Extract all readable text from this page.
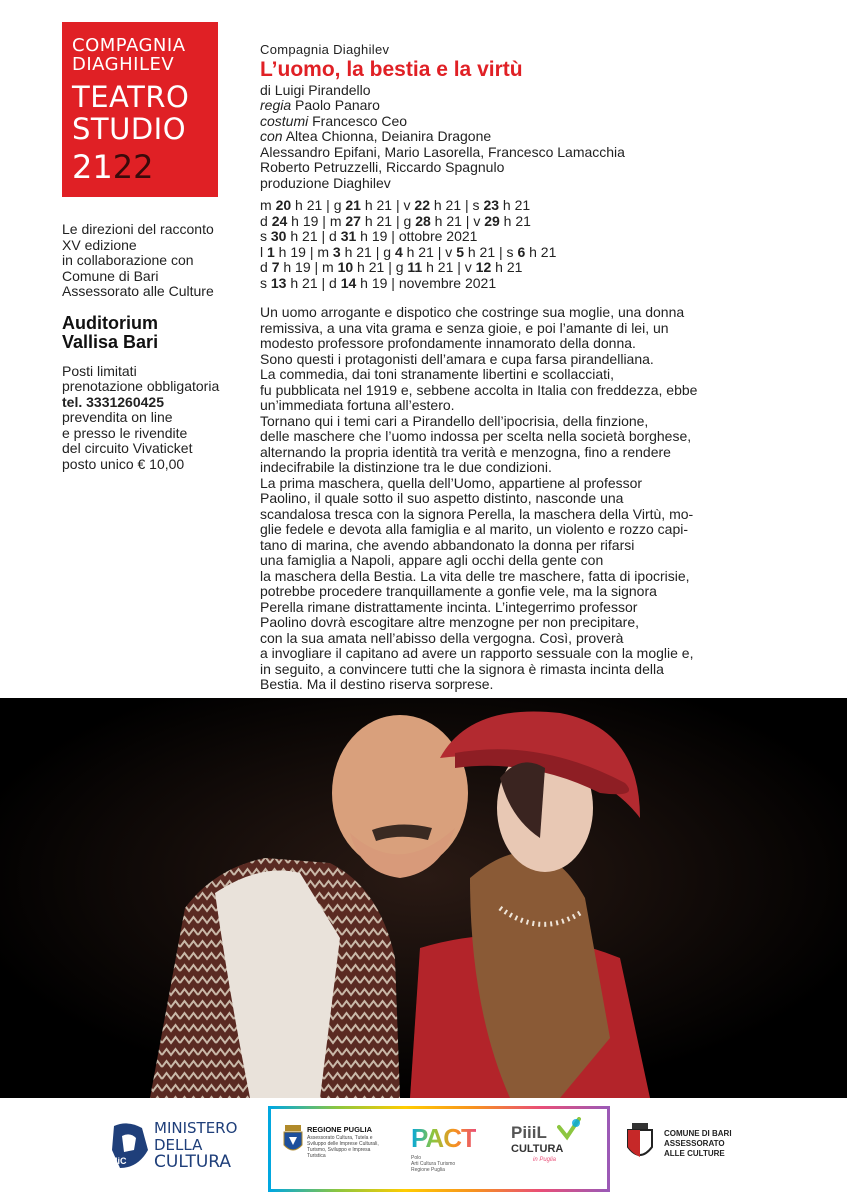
COMPAGNIA
DIAGHILEV
TEATRO
STUDIO
2122
Le direzioni del racconto
XV edizione
in collaborazione con
Comune di Bari
Assessorato alle Culture
Auditorium
Vallisa Bari
Posti limitati
prenotazione obbligatoria
tel. 3331260425
prevendita on line
e presso le rivendite
del circuito Vivaticket
posto unico € 10,00
Compagnia Diaghilev
L’uomo, la bestia e la virtù
di Luigi Pirandello
regia Paolo Panaro
costumi Francesco Ceo
con Altea Chionna, Deianira Dragone
Alessandro Epifani, Mario Lasorella, Francesco Lamacchia
Roberto Petruzzelli, Riccardo Spagnulo
produzione Diaghilev
m 20 h 21 | g 21 h 21 | v 22 h 21 | s 23 h 21
d 24 h 19 | m 27 h 21 | g 28 h 21 | v 29 h 21
s 30 h 21 | d 31 h 19 | ottobre 2021
l 1 h 19 | m 3 h 21 | g 4 h 21 | v 5 h 21 | s 6 h 21
d 7 h 19 | m 10 h 21 | g 11 h 21 | v 12 h 21
s 13 h 21 | d 14 h 19 | novembre 2021

Un uomo arrogante e dispotico che costringe sua moglie, una donna

remissiva, a una vita grama e senza gioie, e poi l’amante di lei, un

modesto professore profondamente innamorato della donna.

Sono questi i protagonisti dell’amara e cupa farsa pirandelliana.

La commedia, dai toni stranamente libertini e scollacciati,

fu pubblicata nel 1919 e, sebbene accolta in Italia con freddezza, ebbe

un’immediata fortuna all’estero.

Tornano qui i temi cari a Pirandello dell’ipocrisia, della finzione,

delle maschere che l’uomo indossa per scelta nella società borghese,

alternando la propria identità tra verità e menzogna, fino a rendere

indecifrabile la distinzione tra le due condizioni.

La prima maschera, quella dell’Uomo, appartiene al professor

Paolino, il quale sotto il suo aspetto distinto, nasconde una

scandalosa tresca con la signora Perella, la maschera della Virtù, mo-

glie fedele e devota alla famiglia e al marito, un violento e rozzo capi-

tano di marina, che avendo abbandonato la donna per rifarsi

una famiglia a Napoli, appare agli occhi della gente con

la maschera della Bestia. La vita delle tre maschere, fatta di ipocrisie,

potrebbe procedere tranquillamente a gonfie vele, ma la signora

Perella rimane distrattamente incinta. L’integerrimo professor

Paolino dovrà escogitare altre menzogne per non precipitare,

con la sua amata nell’abisso della vergogna. Così, proverà

a invogliare il capitano ad avere un rapporto sessuale con la moglie e,

in seguito, a convincere tutti che la signora è rimasta incinta della

Bestia. Ma il destino riserva sorprese.

MiC
MINISTERO
DELLA
CULTURA
REGIONE PUGLIA
Assessorato Cultura, Tutela e
Sviluppo delle Imprese Culturali,
Turismo, Sviluppo e Impresa
Turistica
PACT
Polo
Arti Cultura Turismo
Regione Puglia
PiiiL
CULTURA
in Puglia
COMUNE DI BARI
ASSESSORATO
ALLE CULTURE
